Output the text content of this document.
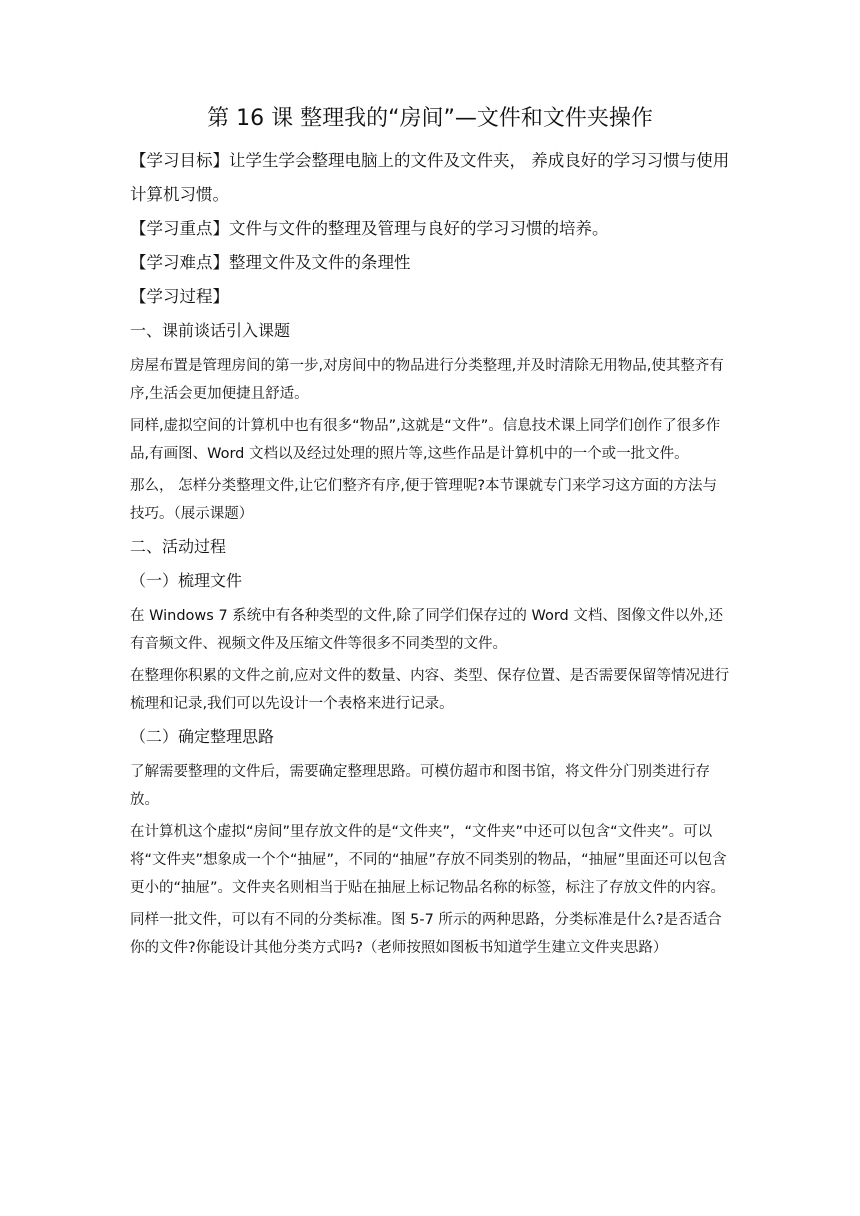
第 16 课 整理我的“房间”—文件和文件夹操作

【学习目标】让学生学会整理电脑上的文件及文件夹， 养成良好的学习习惯与使用计算机习惯。

【学习重点】文件与文件的整理及管理与良好的学习习惯的培养。

【学习难点】整理文件及文件的条理性

【学习过程】

一、课前谈话引入课题

房屋布置是管理房间的第一步,对房间中的物品进行分类整理,并及时清除无用物品,使其整齐有序,生活会更加便捷且舒适。

同样,虚拟空间的计算机中也有很多“物品”,这就是“文件”。信息技术课上同学们创作了很多作品,有画图、Word 文档以及经过处理的照片等,这些作品是计算机中的一个或一批文件。

那么， 怎样分类整理文件,让它们整齐有序,便于管理呢?本节课就专门来学习这方面的方法与技巧。（展示课题）

二、活动过程

（一）梳理文件

在 Windows 7 系统中有各种类型的文件,除了同学们保存过的 Word 文档、图像文件以外,还有音频文件、视频文件及压缩文件等很多不同类型的文件。

在整理你积累的文件之前,应对文件的数量、内容、类型、保存位置、是否需要保留等情况进行梳理和记录,我们可以先设计一个表格来进行记录。

（二）确定整理思路

了解需要整理的文件后，需要确定整理思路。可模仿超市和图书馆，将文件分门别类进行存放。

在计算机这个虚拟“房间”里存放文件的是“文件夹”，“文件夹”中还可以包含“文件夹”。可以将“文件夹”想象成一个个“抽屉”，不同的“抽屉”存放不同类别的物品，“抽屉”里面还可以包含更小的“抽屉”。文件夹名则相当于贴在抽屉上标记物品名称的标签，标注了存放文件的内容。

同样一批文件，可以有不同的分类标准。图 5-7 所示的两种思路，分类标准是什么?是否适合你的文件?你能设计其他分类方式吗?（老师按照如图板书知道学生建立文件夹思路）
